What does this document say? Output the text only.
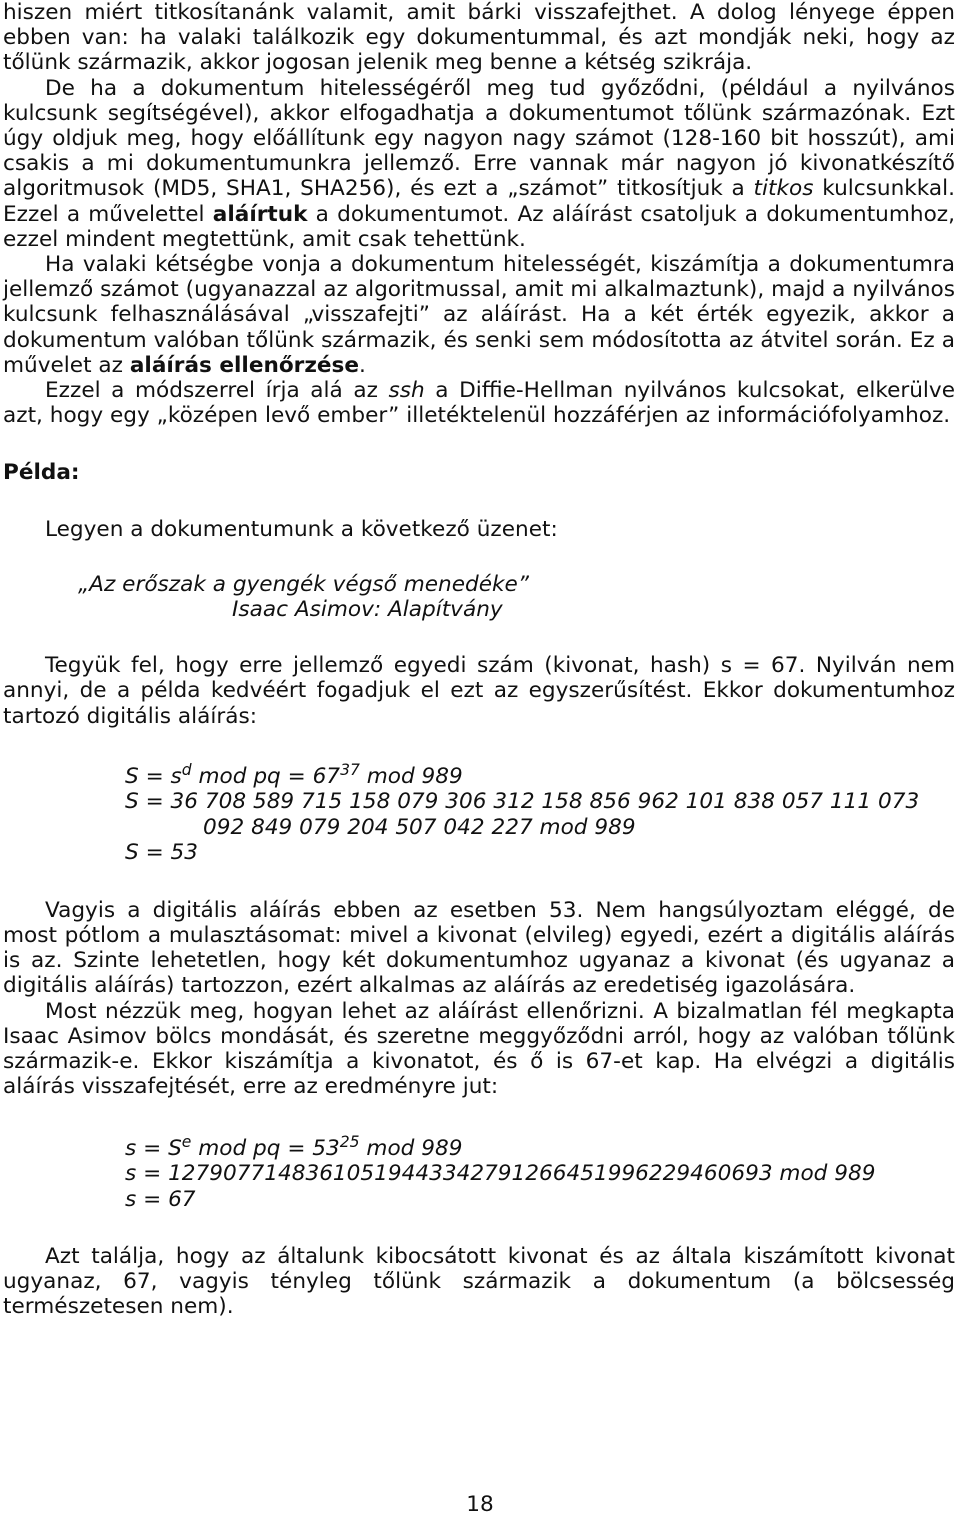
hiszen miért titkosítanánk valamit, amit bárki visszafejthet. A dolog lényege éppen ebben van: ha valaki találkozik egy dokumentummal, és azt mondják neki, hogy az tőlünk származik, akkor jogosan jelenik meg benne a kétség szikrája.

De ha a dokumentum hitelességéről meg tud győződni, (például a nyilvános kulcsunk segítségével), akkor elfogadhatja a dokumentumot tőlünk származónak. Ezt úgy oldjuk meg, hogy előállítunk egy nagyon nagy számot (128-160 bit hosszút), ami csakis a mi dokumentumunkra jellemző. Erre vannak már nagyon jó kivonatkészítő algoritmusok (MD5, SHA1, SHA256), és ezt a „számot” titkosítjuk a titkos kulcsunkkal. Ezzel a művelettel aláírtuk a dokumentumot. Az aláírást csatoljuk a dokumentumhoz, ezzel mindent megtettünk, amit csak tehettünk.

Ha valaki kétségbe vonja a dokumentum hitelességét, kiszámítja a dokumentumra jellemző számot (ugyanazzal az algoritmussal, amit mi alkalmaztunk), majd a nyilvános kulcsunk felhasználásával „visszafejti” az aláírást. Ha a két érték egyezik, akkor a dokumentum valóban tőlünk származik, és senki sem módosította az átvitel során. Ez a művelet az aláírás ellenőrzése.

Ezzel a módszerrel írja alá az ssh a Diffie-Hellman nyilvános kulcsokat, elkerülve azt, hogy egy „középen levő ember” illetéktelenül hozzáférjen az információfolyamhoz.

Példa:

Legyen a dokumentumunk a következő üzenet:

„Az erőszak a gyengék végső menedéke”
Isaac Asimov: Alapítvány

Tegyük fel, hogy erre jellemző egyedi szám (kivonat, hash) s = 67. Nyilván nem annyi, de a példa kedvéért fogadjuk el ezt az egyszerűsítést. Ekkor dokumentumhoz tartozó digitális aláírás:

$S = s^d$ mod pq = $67^{37}$ mod 989
S = 36 708 589 715 158 079 306 312 158 856 962 101 838 057 111 073
092 849 079 204 507 042 227 mod 989
S = 53

Vagyis a digitális aláírás ebben az esetben 53. Nem hangsúlyoztam eléggé, de most pótlom a mulasztásomat: mivel a kivonat (elvileg) egyedi, ezért a digitális aláírás is az. Szinte lehetetlen, hogy két dokumentumhoz ugyanaz a kivonat (és ugyanaz a digitális aláírás) tartozzon, ezért alkalmas az aláírás az eredetiség igazolására.

Most nézzük meg, hogyan lehet az aláírást ellenőrizni. A bizalmatlan fél megkapta Isaac Asimov bölcs mondását, és szeretne meggyőződni arról, hogy az valóban tőlünk származik-e. Ekkor kiszámítja a kivonatot, és ő is 67-et kap. Ha elvégzi a digitális aláírás visszafejtését, erre az eredményre jut:

$s = S^e$ mod pq = $53^{25}$ mod 989
s = 12790771483610519443342791266451996229460693 mod 989
s = 67

Azt találja, hogy az általunk kibocsátott kivonat és az általa kiszámított kivonat ugyanaz, 67, vagyis tényleg tőlünk származik a dokumentum (a bölcsesség természetesen nem).

18
